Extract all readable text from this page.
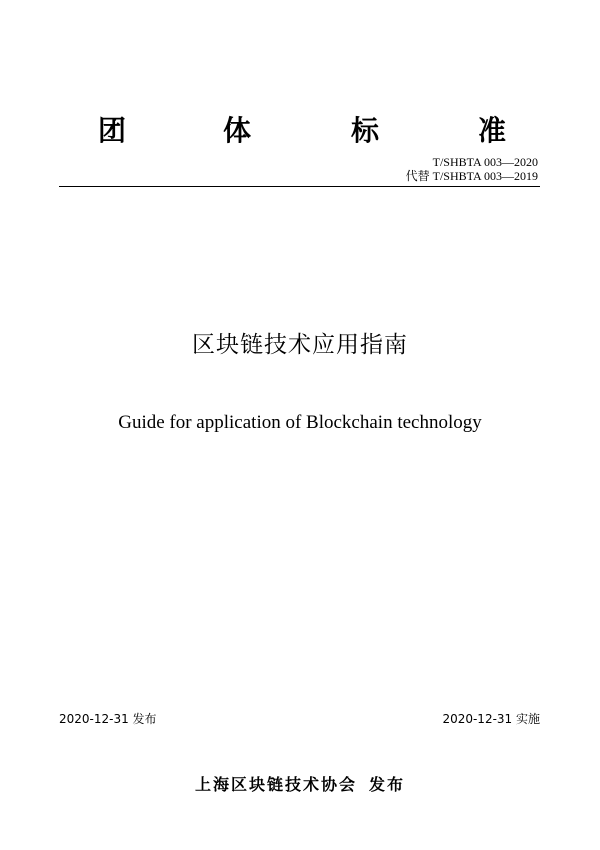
团	体	标	准
T/SHBTA 003—2020
代替 T/SHBTA 003—2019
区块链技术应用指南
Guide for application of Blockchain technology
2020-12-31 发布	2020-12-31 实施
上海区块链技术协会 发布
